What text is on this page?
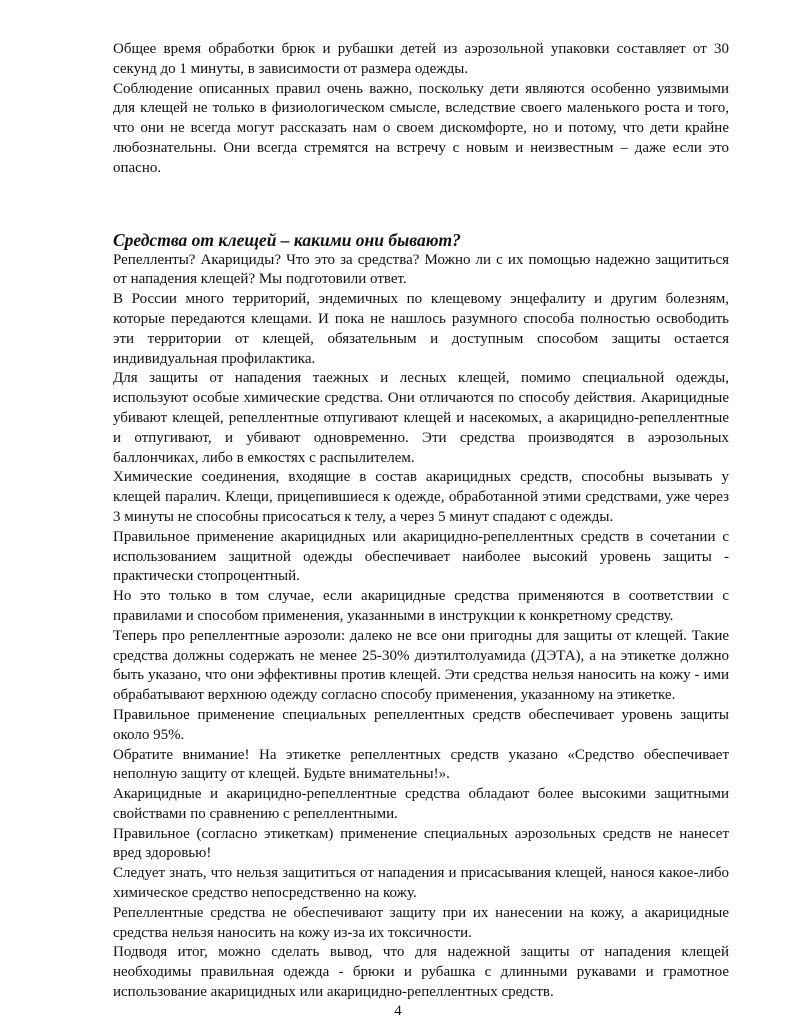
Общее время обработки брюк и рубашки детей из аэрозольной упаковки составляет от 30 секунд до 1 минуты, в зависимости от размера одежды.

Соблюдение описанных правил очень важно, поскольку дети являются особенно уязвимыми для клещей не только в физиологическом смысле, вследствие своего маленького роста и того, что они не всегда могут рассказать нам о своем дискомфорте, но и потому, что дети крайне любознательны. Они всегда стремятся на встречу с новым и неизвестным – даже если это опасно.

Средства от клещей – какими они бывают?

Репелленты? Акарициды? Что это за средства? Можно ли с их помощью надежно защититься от нападения клещей? Мы подготовили ответ.

В России много территорий, эндемичных по клещевому энцефалиту и другим болезням, которые передаются клещами. И пока не нашлось разумного способа полностью освободить эти территории от клещей, обязательным и доступным способом защиты остается индивидуальная профилактика.

Для защиты от нападения таежных и лесных клещей, помимо специальной одежды, используют особые химические средства. Они отличаются по способу действия. Акарицидные убивают клещей, репеллентные отпугивают клещей и насекомых, а акарицидно-репеллентные и отпугивают, и убивают одновременно. Эти средства производятся в аэрозольных баллончиках, либо в емкостях с распылителем.

Химические соединения, входящие в состав акарицидных средств, способны вызывать у клещей паралич. Клещи, прицепившиеся к одежде, обработанной этими средствами, уже через 3 минуты не способны присосаться к телу, а через 5 минут спадают с одежды.

Правильное применение акарицидных или акарицидно-репеллентных средств в сочетании с использованием защитной одежды обеспечивает наиболее высокий уровень защиты - практически стопроцентный.

Но это только в том случае, если акарицидные средства применяются в соответствии с правилами и способом применения, указанными в инструкции к конкретному средству.

Теперь про репеллентные аэрозоли: далеко не все они пригодны для защиты от клещей. Такие средства должны содержать не менее 25-30% диэтилтолуамида (ДЭТА), а на этикетке должно быть указано, что они эффективны против клещей. Эти средства нельзя наносить на кожу - ими обрабатывают верхнюю одежду согласно способу применения, указанному на этикетке.

Правильное применение специальных репеллентных средств обеспечивает уровень защиты около 95%.

Обратите внимание! На этикетке репеллентных средств указано «Средство обеспечивает неполную защиту от клещей. Будьте внимательны!».

Акарицидные и акарицидно-репеллентные средства обладают более высокими защитными свойствами по сравнению с репеллентными.

Правильное (согласно этикеткам) применение специальных аэрозольных средств не нанесет вред здоровью!

Следует знать, что нельзя защититься от нападения и присасывания клещей, нанося какое-либо химическое средство непосредственно на кожу.

Репеллентные средства не обеспечивают защиту при их нанесении на кожу, а акарицидные средства нельзя наносить на кожу из-за их токсичности.

Подводя итог, можно сделать вывод, что для надежной защиты от нападения клещей необходимы правильная одежда - брюки и рубашка с длинными рукавами и грамотное использование акарицидных или акарицидно-репеллентных средств.

4
